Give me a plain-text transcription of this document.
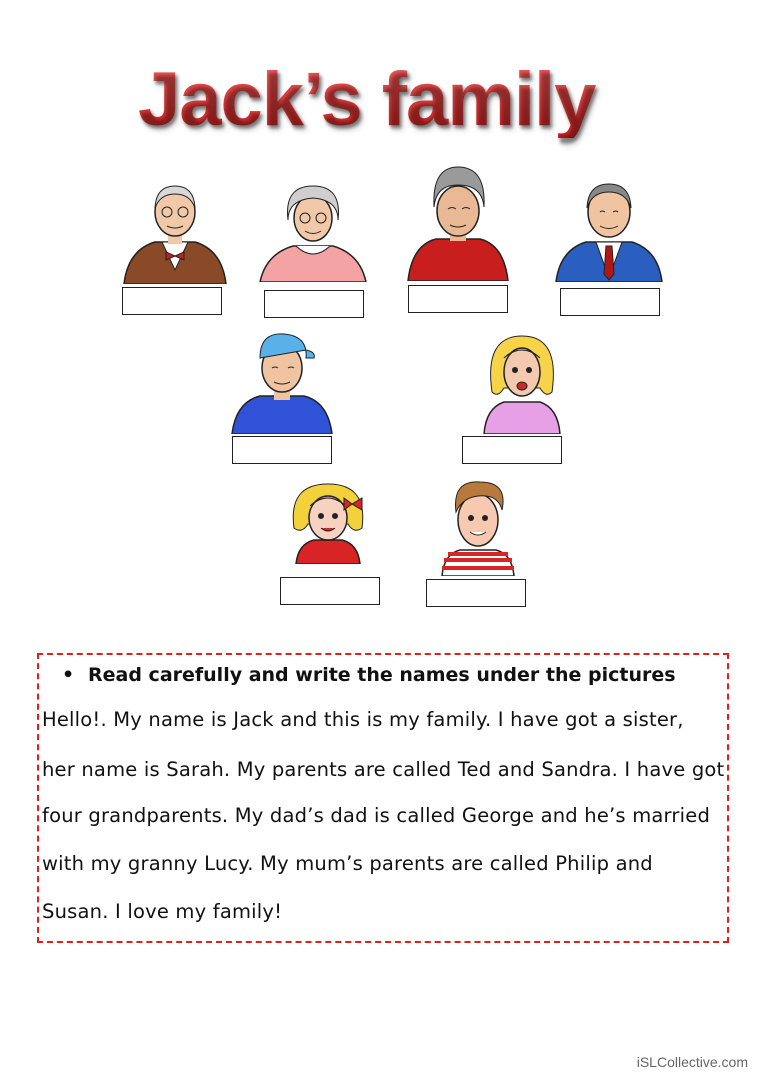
Jack’s family
• Read carefully and write the names under the pictures
Hello!. My name is Jack and this is my family. I have got a sister,
her name is Sarah. My parents are called Ted and Sandra. I have got
four grandparents. My dad’s dad is called George and he’s married
with my granny Lucy. My mum’s parents are called Philip and
Susan. I love my family!
iSLCollective.com
